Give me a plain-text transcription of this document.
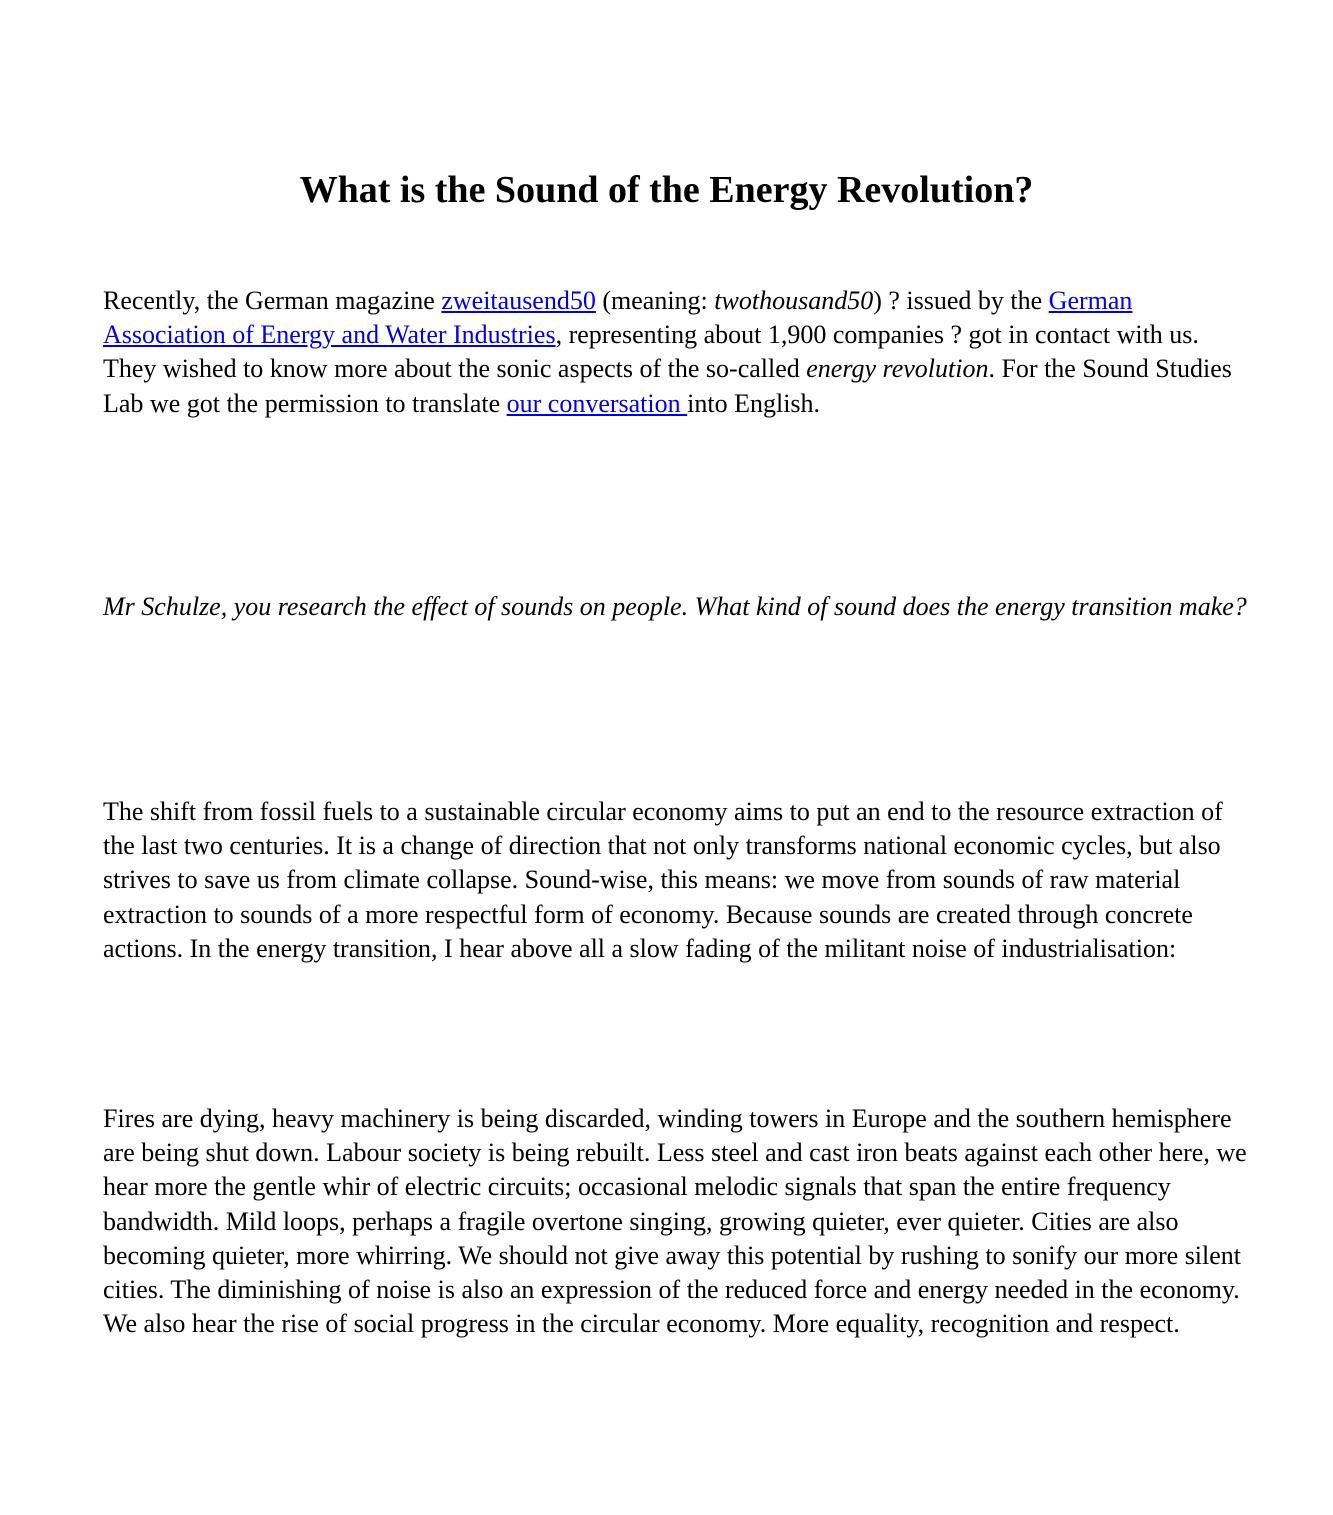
What is the Sound of the Energy Revolution?

Recently, the German magazine zweitausend50 (meaning: twothousand50) ? issued by the German Association of Energy and Water Industries, representing about 1,900 companies ? got in contact with us. They wished to know more about the sonic aspects of the so-called energy revolution. For the Sound Studies Lab we got the permission to translate our conversation into English.

Mr Schulze, you research the effect of sounds on people. What kind of sound does the energy transition make?

The shift from fossil fuels to a sustainable circular economy aims to put an end to the resource extraction of the last two centuries. It is a change of direction that not only transforms national economic cycles, but also strives to save us from climate collapse. Sound-wise, this means: we move from sounds of raw material extraction to sounds of a more respectful form of economy. Because sounds are created through concrete actions. In the energy transition, I hear above all a slow fading of the militant noise of industrialisation:

Fires are dying, heavy machinery is being discarded, winding towers in Europe and the southern hemisphere are being shut down. Labour society is being rebuilt. Less steel and cast iron beats against each other here, we hear more the gentle whir of electric circuits; occasional melodic signals that span the entire frequency bandwidth. Mild loops, perhaps a fragile overtone singing, growing quieter, ever quieter. Cities are also becoming quieter, more whirring. We should not give away this potential by rushing to sonify our more silent cities. The diminishing of noise is also an expression of the reduced force and energy needed in the economy. We also hear the rise of social progress in the circular economy. More equality, recognition and respect.
